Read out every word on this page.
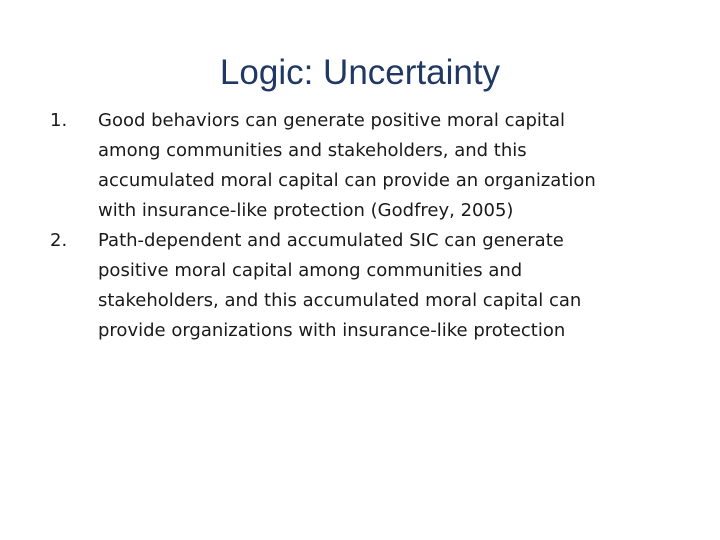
Logic: Uncertainty
1.	Good behaviors can generate positive moral capital
among communities and stakeholders, and this
accumulated moral capital can provide an organization
with insurance-like protection (Godfrey, 2005)
2.	Path-dependent and accumulated SIC can generate
positive moral capital among communities and
stakeholders, and this accumulated moral capital can
provide organizations with insurance-like protection
